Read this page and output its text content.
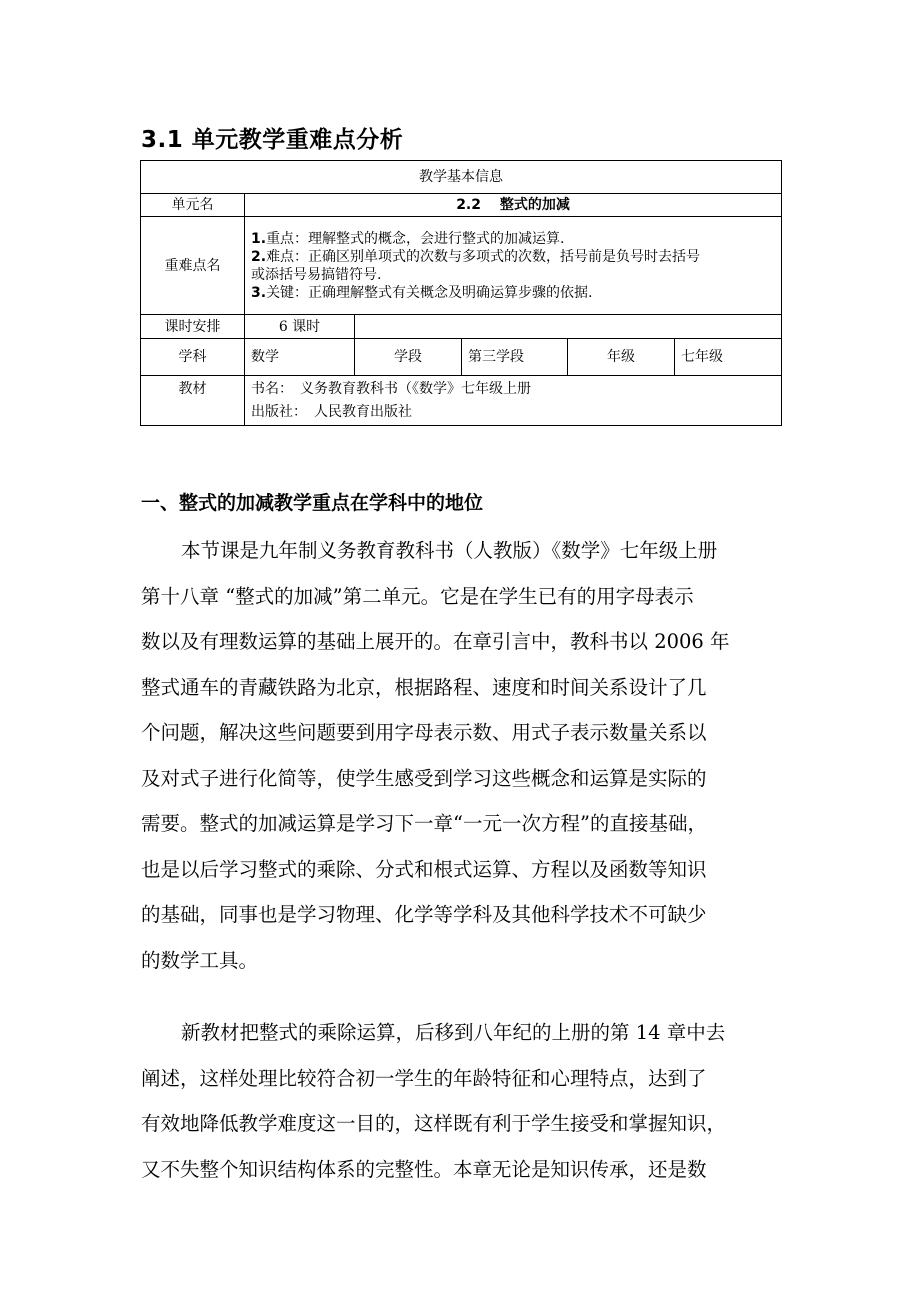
3.1 单元教学重难点分析
教学基本信息					
单元名	2.2　 整式的加减				
重难点名	1.重点：理解整式的概念，会进行整式的加减运算.
2.难点：正确区别单项式的次数与多项式的次数，括号前是负号时去括号
或添括号易搞错符号.
3.关键：正确理解整式有关概念及明确运算步骤的依据.				

课时安排	6 课时				
学科	数学	学段	第三学段	年级	七年级
教材	书名：　义务教育教科书（《数学》七年级上册
出版社：　人民教育出版社				
一、整式的加减教学重点在学科中的地位
本节课是九年制义务教育教科书（人教版）《数学》七年级上册
第十八章 “整式的加减”第二单元。它是在学生已有的用字母表示
数以及有理数运算的基础上展开的。在章引言中，教科书以 2006 年
整式通车的青藏铁路为北京，根据路程、速度和时间关系设计了几
个问题，解决这些问题要到用字母表示数、用式子表示数量关系以
及对式子进行化简等，使学生感受到学习这些概念和运算是实际的
需要。整式的加减运算是学习下一章“一元一次方程”的直接基础，
也是以后学习整式的乘除、分式和根式运算、方程以及函数等知识
的基础，同事也是学习物理、化学等学科及其他科学技术不可缺少
的数学工具。
新教材把整式的乘除运算，后移到八年纪的上册的第 14 章中去
阐述，这样处理比较符合初一学生的年龄特征和心理特点，达到了
有效地降低教学难度这一目的，这样既有利于学生接受和掌握知识，
又不失整个知识结构体系的完整性。本章无论是知识传承，还是数
